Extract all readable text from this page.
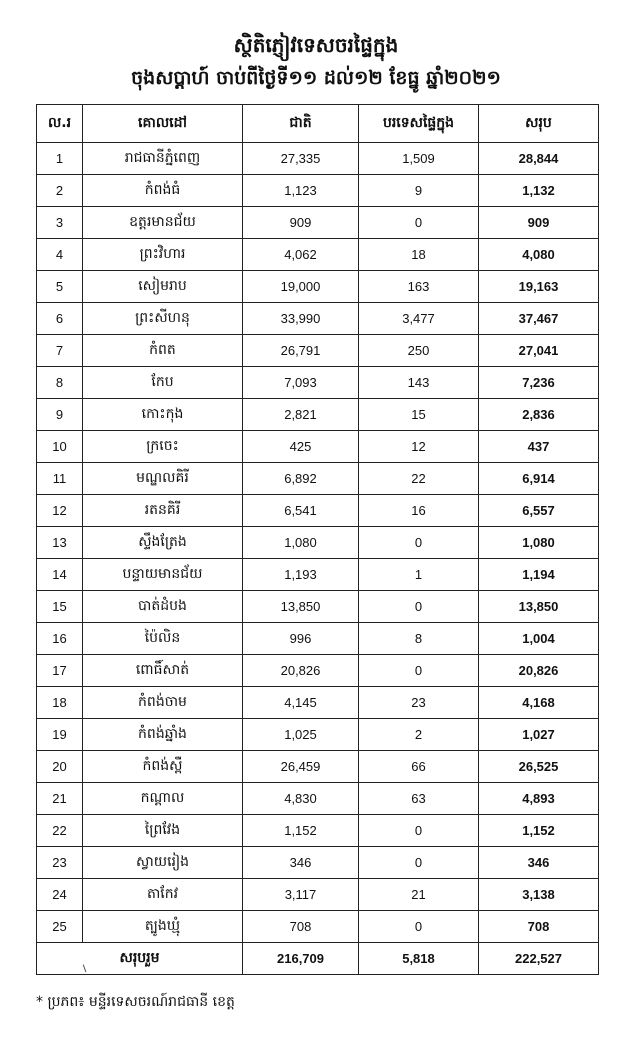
ស្ថិតិភ្ញៀវទេសចរផ្ទៃក្នុង
ចុងសប្តាហ៍ ចាប់ពីថ្ងៃទី១១ ដល់១២ ខែធ្នូ ឆ្នាំ២០២១
ល.រ	គោលដៅ	ជាតិ	បរទេសផ្ទៃក្នុង	សរុប
1	រាជធានីភ្នំពេញ	27,335	1,509	28,844
2	កំពង់ធំ	1,123	9	1,132
3	ឧត្តរមានជ័យ	909	0	909
4	ព្រះវិហារ	4,062	18	4,080
5	សៀមរាប	19,000	163	19,163
6	ព្រះសីហនុ	33,990	3,477	37,467
7	កំពត	26,791	250	27,041
8	កែប	7,093	143	7,236
9	កោះកុង	2,821	15	2,836
10	ក្រចេះ	425	12	437
11	មណ្ឌលគិរី	6,892	22	6,914
12	រតនគិរី	6,541	16	6,557
13	ស្ទឹងត្រែង	1,080	0	1,080
14	បន្ទាយមានជ័យ	1,193	1	1,194
15	បាត់ដំបង	13,850	0	13,850
16	ប៉ៃលិន	996	8	1,004
17	ពោធិ៍សាត់	20,826	0	20,826
18	កំពង់ចាម	4,145	23	4,168
19	កំពង់ឆ្នាំង	1,025	2	1,027
20	កំពង់ស្ពឺ	26,459	66	26,525
21	កណ្ដាល	4,830	63	4,893
22	ព្រៃវែង	1,152	0	1,152
23	ស្វាយរៀង	346	0	346
24	តាកែវ	3,117	21	3,138
25	ត្បូងឃ្មុំ	708	0	708
សរុបរួម		216,709	5,818	222,527
* ប្រភព៖ មន្ទីរទេសចរណ៍រាជធានី ខេត្ត
